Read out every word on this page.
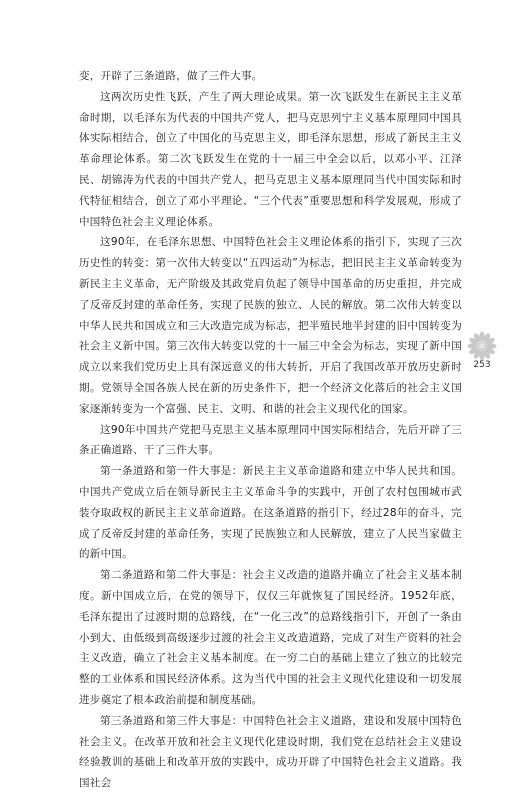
变，开辟了三条道路，做了三件大事。

这两次历史性飞跃，产生了两大理论成果。第一次飞跃发生在新民主主义革命时期，以毛泽东为代表的中国共产党人，把马克思列宁主义基本原理同中国具体实际相结合，创立了中国化的马克思主义，即毛泽东思想，形成了新民主主义革命理论体系。第二次飞跃发生在党的十一届三中全会以后，以邓小平、江泽民、胡锦涛为代表的中国共产党人，把马克思主义基本原理同当代中国实际和时代特征相结合，创立了邓小平理论、“三个代表”重要思想和科学发展观，形成了中国特色社会主义理论体系。

这90年，在毛泽东思想、中国特色社会主义理论体系的指引下，实现了三次历史性的转变：第一次伟大转变以“五四运动”为标志，把旧民主主义革命转变为新民主主义革命，无产阶级及其政党肩负起了领导中国革命的历史重担，并完成了反帝反封建的革命任务，实现了民族的独立、人民的解放。第二次伟大转变以中华人民共和国成立和三大改造完成为标志，把半殖民地半封建的旧中国转变为社会主义新中国。第三次伟大转变以党的十一届三中全会为标志，实现了新中国成立以来我们党历史上具有深远意义的伟大转折，开启了我国改革开放历史新时期。党领导全国各族人民在新的历史条件下，把一个经济文化落后的社会主义国家逐渐转变为一个富强、民主、文明、和谐的社会主义现代化的国家。

这90年中国共产党把马克思主义基本原理同中国实际相结合，先后开辟了三条正确道路、干了三件大事。

第一条道路和第一件大事是：新民主主义革命道路和建立中华人民共和国。中国共产党成立后在领导新民主主义革命斗争的实践中，开创了农村包围城市武装夺取政权的新民主主义革命道路。在这条道路的指引下，经过28年的奋斗，完成了反帝反封建的革命任务，实现了民族独立和人民解放，建立了人民当家做主的新中国。

第二条道路和第二件大事是：社会主义改造的道路并确立了社会主义基本制度。新中国成立后，在党的领导下，仅仅三年就恢复了国民经济。1952年底，毛泽东提出了过渡时期的总路线，在“一化三改”的总路线指引下，开创了一条由小到大、由低级到高级逐步过渡的社会主义改造道路，完成了对生产资料的社会主义改造，确立了社会主义基本制度。在一穷二白的基础上建立了独立的比较完整的工业体系和国民经济体系。这为当代中国的社会主义现代化建设和一切发展进步奠定了根本政治前提和制度基础。

第三条道路和第三件大事是：中国特色社会主义道路，建设和发展中国特色社会主义。在改革开放和社会主义现代化建设时期，我们党在总结社会主义建设经验教训的基础上和改革开放的实践中，成功开辟了中国特色社会主义道路。我国社会

253
